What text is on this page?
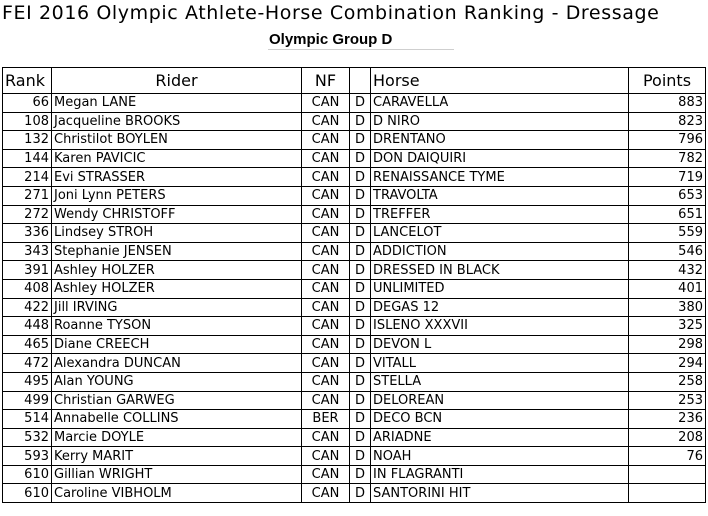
FEI 2016 Olympic Athlete-Horse Combination Ranking - Dressage
Olympic Group D
Rank	Rider	NF		Horse	Points
66	Megan LANE	CAN	D	CARAVELLA	883
108	Jacqueline BROOKS	CAN	D	D NIRO	823
132	Christilot BOYLEN	CAN	D	DRENTANO	796
144	Karen PAVICIC	CAN	D	DON DAIQUIRI	782
214	Evi STRASSER	CAN	D	RENAISSANCE TYME	719
271	Joni Lynn PETERS	CAN	D	TRAVOLTA	653
272	Wendy CHRISTOFF	CAN	D	TREFFER	651
336	Lindsey STROH	CAN	D	LANCELOT	559
343	Stephanie JENSEN	CAN	D	ADDICTION	546
391	Ashley HOLZER	CAN	D	DRESSED IN BLACK	432
408	Ashley HOLZER	CAN	D	UNLIMITED	401
422	Jill IRVING	CAN	D	DEGAS 12	380
448	Roanne TYSON	CAN	D	ISLENO XXXVII	325
465	Diane CREECH	CAN	D	DEVON L	298
472	Alexandra DUNCAN	CAN	D	VITALL	294
495	Alan YOUNG	CAN	D	STELLA	258
499	Christian GARWEG	CAN	D	DELOREAN	253
514	Annabelle COLLINS	BER	D	DECO BCN	236
532	Marcie DOYLE	CAN	D	ARIADNE	208
593	Kerry MARIT	CAN	D	NOAH	76
610	Gillian WRIGHT	CAN	D	IN FLAGRANTI	
610	Caroline VIBHOLM	CAN	D	SANTORINI HIT	
